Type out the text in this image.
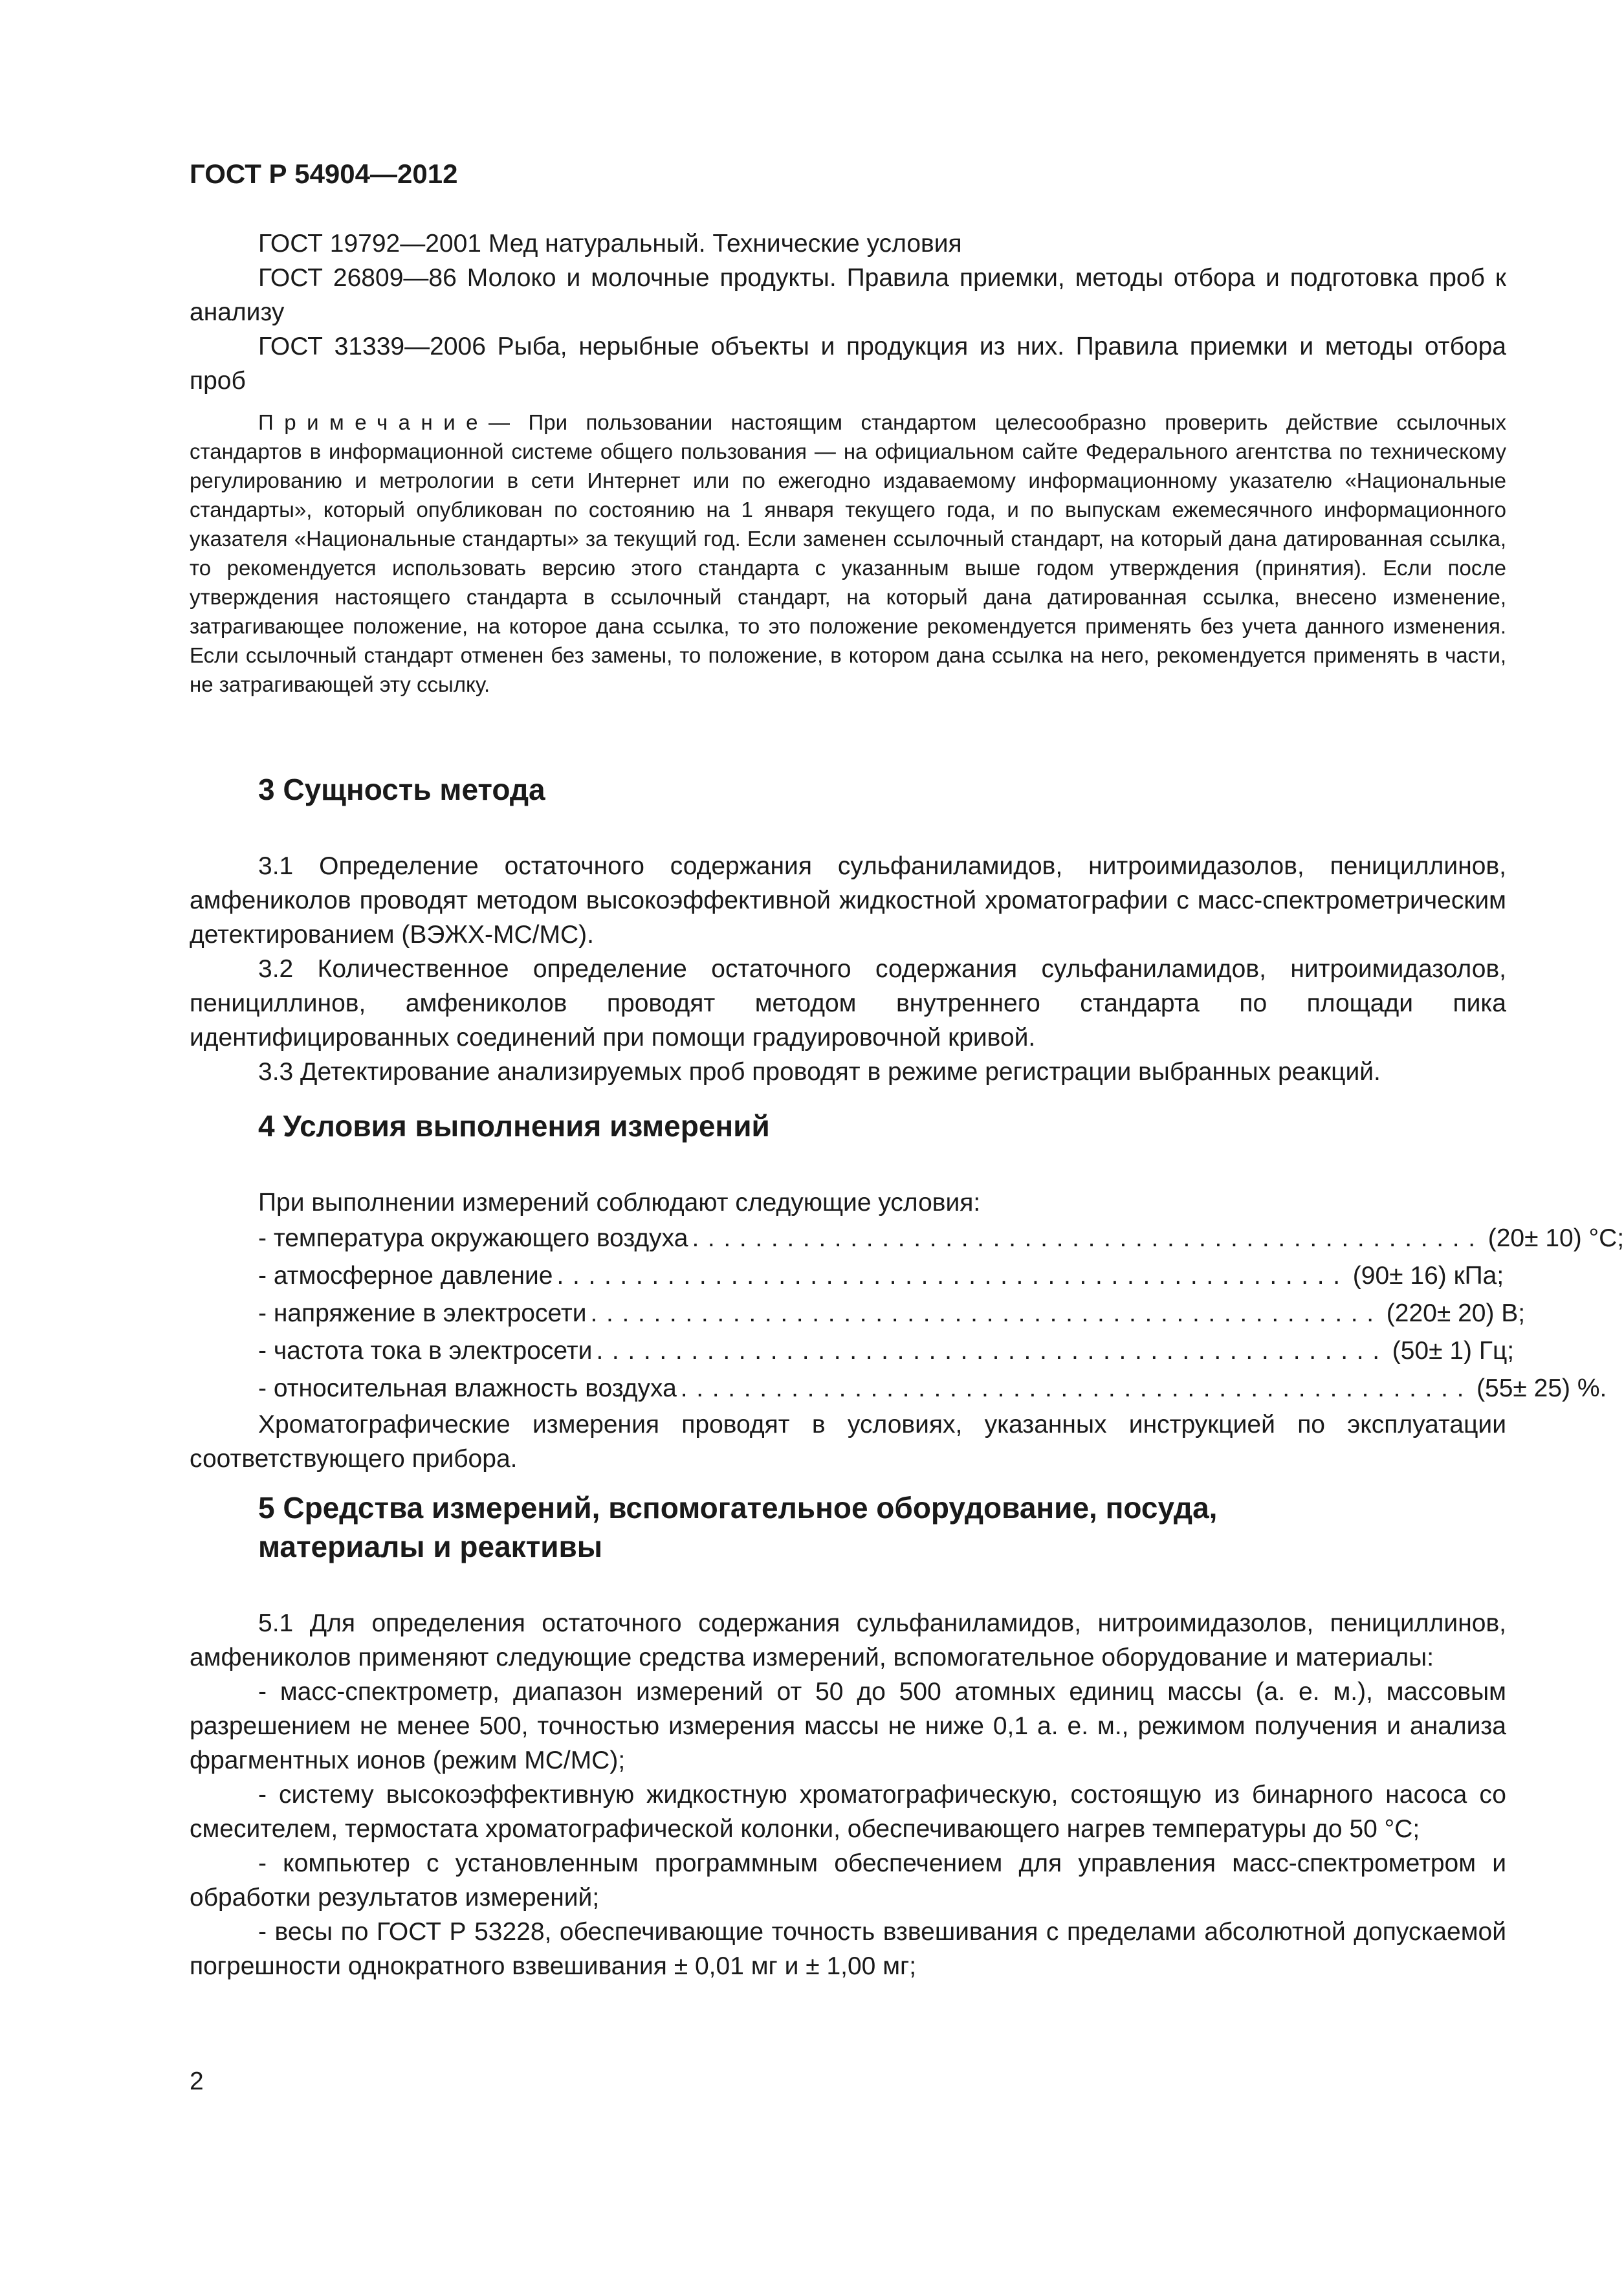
ГОСТ Р 54904—2012

ГОСТ 19792—2001 Мед натуральный. Технические условия

ГОСТ 26809—86 Молоко и молочные продукты. Правила приемки, методы отбора и подготовка проб к анализу

ГОСТ 31339—2006 Рыба, нерыбные объекты и продукция из них. Правила приемки и методы отбора проб

Примечание— При пользовании настоящим стандартом целесообразно проверить действие ссылочных стандартов в информационной системе общего пользования — на официальном сайте Федерального агентства по техническому регулированию и метрологии в сети Интернет или по ежегодно издаваемому информационному указателю «Национальные стандарты», который опубликован по состоянию на 1 января текущего года, и по выпускам ежемесячного информационного указателя «Национальные стандарты» за текущий год. Если заменен ссылочный стандарт, на который дана датированная ссылка, то рекомендуется использовать версию этого стандарта с указанным выше годом утверждения (принятия). Если после утверждения настоящего стандарта в ссылочный стандарт, на который дана датированная ссылка, внесено изменение, затрагивающее положение, на которое дана ссылка, то это положение рекомендуется применять без учета данного изменения. Если ссылочный стандарт отменен без замены, то положение, в котором дана ссылка на него, рекомендуется применять в части, не затрагивающей эту ссылку.

3 Сущность метода

3.1 Определение остаточного содержания сульфаниламидов, нитроимидазолов, пенициллинов, амфениколов проводят методом высокоэффективной жидкостной хроматографии с масс-спектрометрическим детектированием (ВЭЖХ-МС/МС).

3.2 Количественное определение остаточного содержания сульфаниламидов, нитроимидазолов, пенициллинов, амфениколов проводят методом внутреннего стандарта по площади пика идентифицированных соединений при помощи градуировочной кривой.

3.3 Детектирование анализируемых проб проводят в режиме регистрации выбранных реакций.

4 Условия выполнения измерений

При выполнении измерений соблюдают следующие условия:

- температура окружающего воздуха .................................................. (20± 10) °С;
- атмосферное давление .................................................. (90± 16) кПа;
- напряжение в электросети .................................................. (220± 20) В;
- частота тока в электросети .................................................. (50± 1) Гц;
- относительная влажность воздуха .................................................. (55± 25) %.

Хроматографические измерения проводят в условиях, указанных инструкцией по эксплуатации соответствующего прибора.

5 Средства измерений, вспомогательное оборудование, посуда,
материалы и реактивы

5.1 Для определения остаточного содержания сульфаниламидов, нитроимидазолов, пенициллинов, амфениколов применяют следующие средства измерений, вспомогательное оборудование и материалы:

- масс-спектрометр, диапазон измерений от 50 до 500 атомных единиц массы (а. е. м.), массовым разрешением не менее 500, точностью измерения массы не ниже 0,1 а. е. м., режимом получения и анализа фрагментных ионов (режим МС/МС);

- систему высокоэффективную жидкостную хроматографическую, состоящую из бинарного насоса со смесителем, термостата хроматографической колонки, обеспечивающего нагрев температуры до 50 °С;

- компьютер с установленным программным обеспечением для управления масс-спектрометром и обработки результатов измерений;

- весы по ГОСТ Р 53228, обеспечивающие точность взвешивания с пределами абсолютной допускаемой погрешности однократного взвешивания ± 0,01 мг и ± 1,00 мг;

2
